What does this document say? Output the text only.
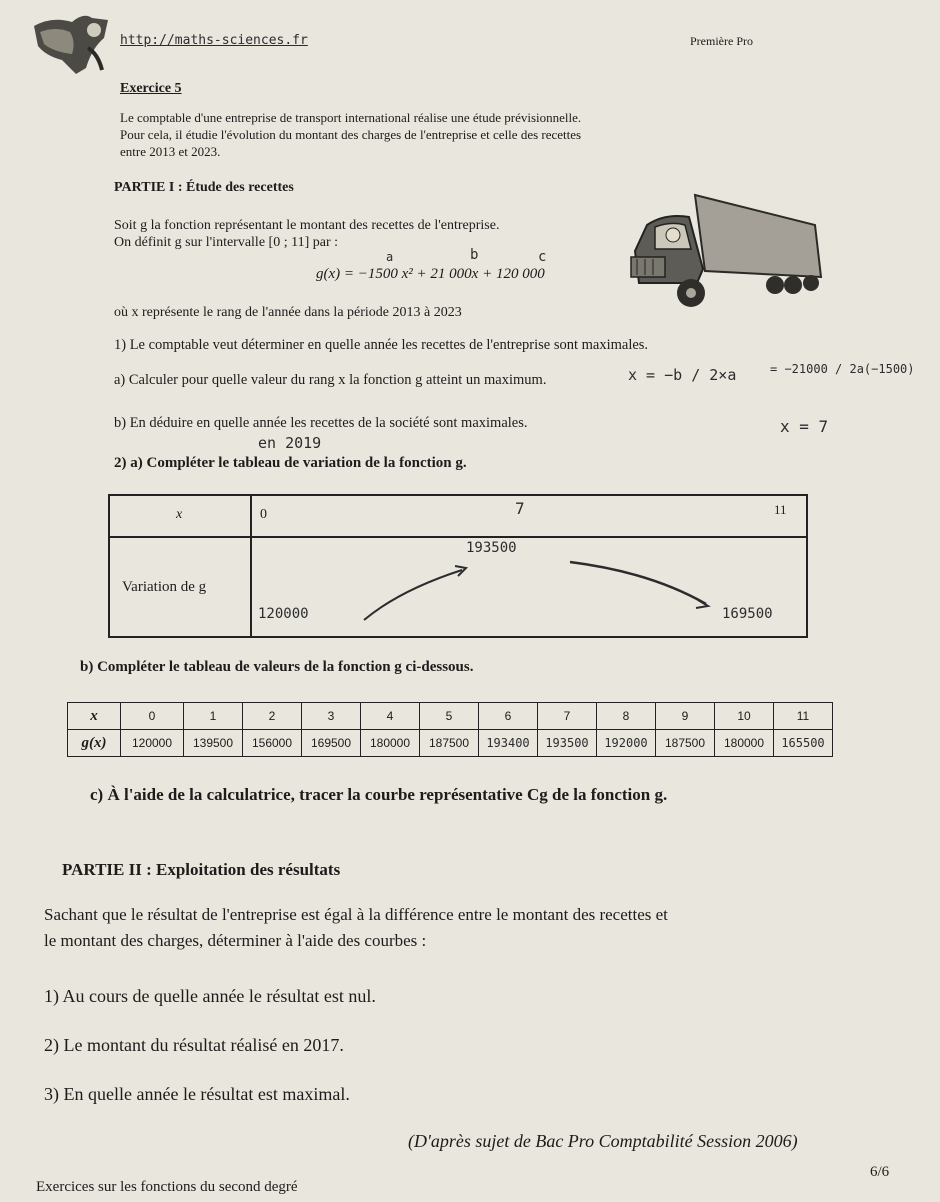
http://maths-sciences.fr	Première Pro
Exercice 5
Le comptable d'une entreprise de transport international réalise une étude prévisionnelle.
Pour cela, il étudie l'évolution du montant des charges de l'entreprise et celle des recettes
entre 2013 et 2023.
PARTIE I : Étude des recettes
Soit g la fonction représentant le montant des recettes de l'entreprise.
On définit g sur l'intervalle [0 ; 11] par :
a	b	c
g(x) = −1500 x² + 21 000x + 120 000
où x représente le rang de l'année dans la période 2013 à 2023
1) Le comptable veut déterminer en quelle année les recettes de l'entreprise sont maximales.
a) Calculer pour quelle valeur du rang x la fonction g atteint un maximum.	x = −b / 2×a	= −21000 / 2a(−1500)
b) En déduire en quelle année les recettes de la société sont maximales.	x = 7
en 2019
2) a) Compléter le tableau de variation de la fonction g.
x	0	7	11
Variation de g
193500
120000	169500
b) Compléter le tableau de valeurs de la fonction g ci-dessous.
x	0	1	2	3	4	5	6	7	8	9	10	11
g(x)	120000	139500	156000	169500	180000	187500	193400	193500	192000	187500	180000	165500
c) À l'aide de la calculatrice, tracer la courbe représentative Cg de la fonction g.
PARTIE II : Exploitation des résultats
Sachant que le résultat de l'entreprise est égal à la différence entre le montant des recettes et
le montant des charges, déterminer à l'aide des courbes :
1) Au cours de quelle année le résultat est nul.
2) Le montant du résultat réalisé en 2017.
3) En quelle année le résultat est maximal.
(D'après sujet de Bac Pro Comptabilité Session 2006)
6/6
Exercices sur les fonctions du second degré
